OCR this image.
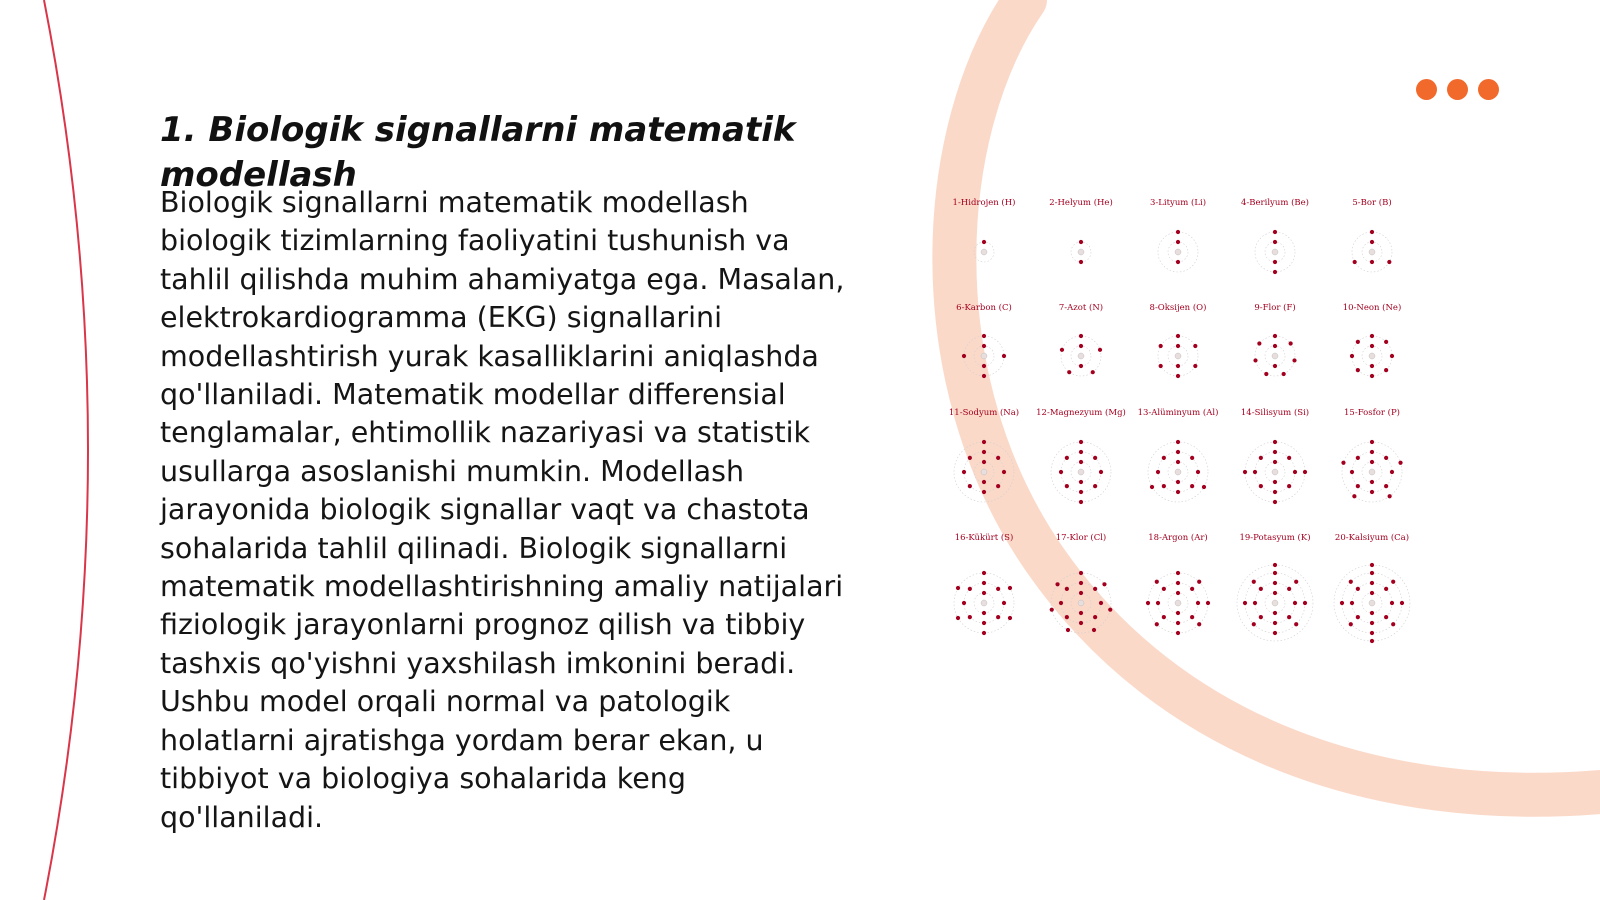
1. Biologik signallarni matematik modellash

Biologik signallarni matematik modellash biologik tizimlarning faoliyatini tushunish va tahlil qilishda muhim ahamiyatga ega. Masalan, elektrokardiogramma (EKG) signallarini modellashtirish yurak kasalliklarini aniqlashda qo'llaniladi. Matematik modellar differensial tenglamalar, ehtimollik nazariyasi va statistik usullarga asoslanishi mumkin. Modellash jarayonida biologik signallar vaqt va chastota sohalarida tahlil qilinadi. Biologik signallarni matematik modellashtirishning amaliy natijalari fiziologik jarayonlarni prognoz qilish va tibbiy tashxis qo'yishni yaxshilash imkonini beradi. Ushbu model orqali normal va patologik holatlarni ajratishga yordam berar ekan, u tibbiyot va biologiya sohalarida keng qo'llaniladi.

1-Hidrojen (H)	2-Helyum (He)	3-Lityum (Li)	4-Berilyum (Be)	5-Bor (B)
6-Karbon (C)	7-Azot (N)	8-Oksijen (O)	9-Flor (F)	10-Neon (Ne)
11-Sodyum (Na) 12-Magnezyum (Mg) 13-Alüminyum (Al)	14-Silisyum (Si)	15-Fosfor (P)
16-Kükürt (S)	17-Klor (Cl)	18-Argon (Ar)	19-Potasyum (K)	20-Kalsiyum (Ca)
